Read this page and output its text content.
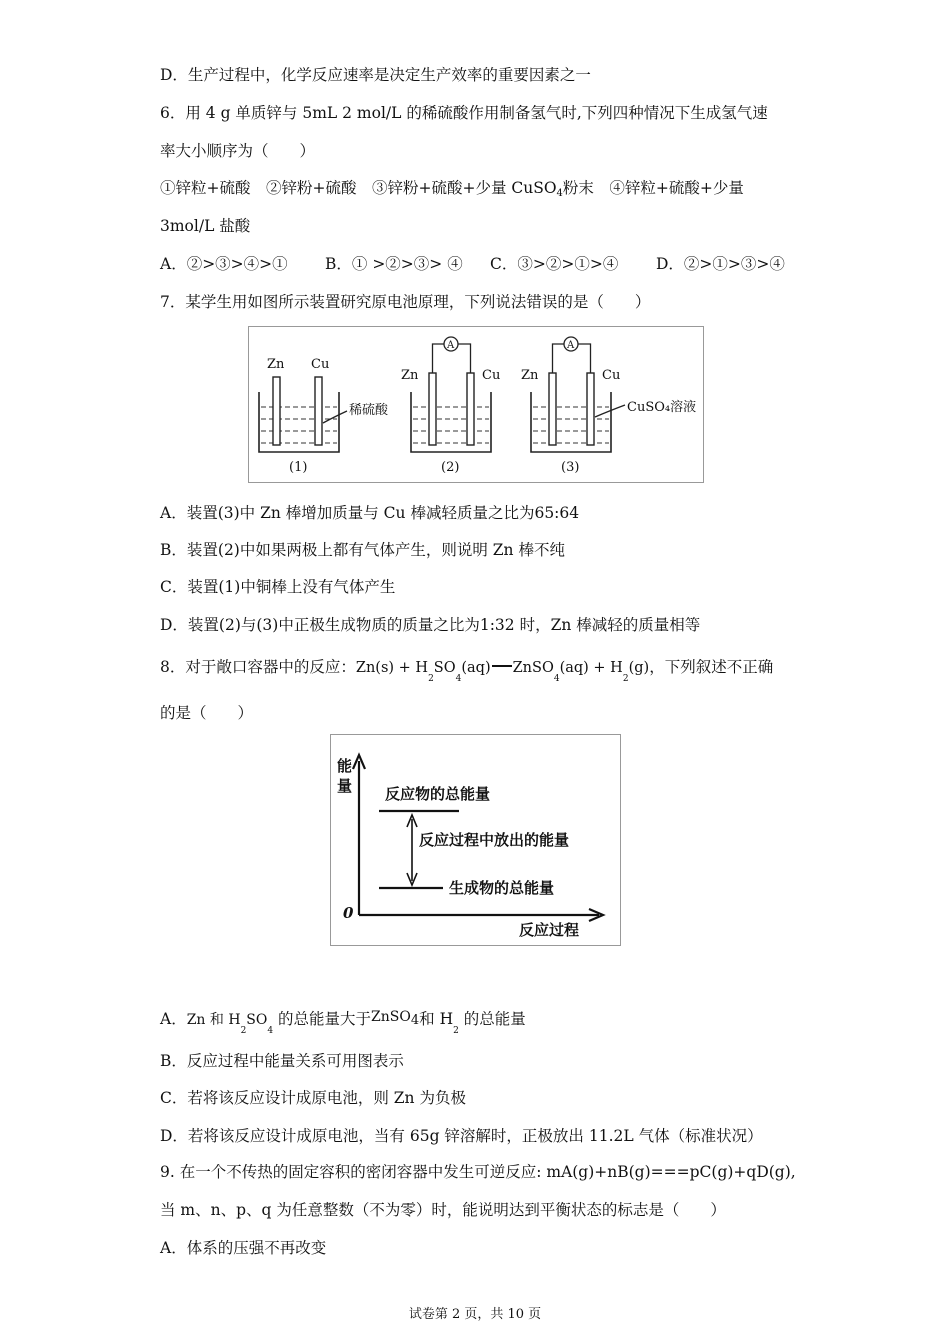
D．生产过程中，化学反应速率是决定生产效率的重要因素之一
6．用 4 g 单质锌与 5mL 2 mol/L 的稀硫酸作用制备氢气时,下列四种情况下生成氢气速
率大小顺序为（　　）
①锌粒+硫酸　②锌粉+硫酸　③锌粉+硫酸+少量 CuSO$_4$粉末　④锌粒+硫酸+少量
3mol/L 盐酸
A．②>③>④>① B．① >②>③> ④ C．③>②>①>④ D．②>①>③>④
7．某学生用如图所示装置研究原电池原理，下列说法错误的是（　　）
Zn Cu
Zn	Cu Zn	Cu
A	A
稀硫酸	CuSO₄溶液
(1)	(2)	(3)
A．装置(3)中 Zn 棒增加质量与 Cu 棒减轻质量之比为65:64
B．装置(2)中如果两极上都有气体产生，则说明 Zn 棒不纯
C．装置(1)中铜棒上没有气体产生
D．装置(2)与(3)中正极生成物质的质量之比为1:32 时，Zn 棒减轻的质量相等
8．对于敞口容器中的反应：$Zn(s) + H_2SO_4(aq)$ ZnSO$_4$(aq) + $H_2(g)$，下列叙述不正确
的是（　　）
能
量
0
反应物的总能量
反应过程中放出的能量
生成物的总能量
反应过程
A．Zn 和 $H_2SO_4$ 的总能量大于ZnSO4和 $H_2$ 的总能量
B．反应过程中能量关系可用图表示
C．若将该反应设计成原电池，则 Zn 为负极
D．若将该反应设计成原电池，当有 65g 锌溶解时，正极放出 11.2L 气体（标准状况）
9. 在一个不传热的固定容积的密闭容器中发生可逆反应: mA(g)+nB(g)===pC(g)+qD(g),
当 m、n、p、q 为任意整数（不为零）时，能说明达到平衡状态的标志是（　　）
A．体系的压强不再改变
试卷第 2 页，共 10 页
